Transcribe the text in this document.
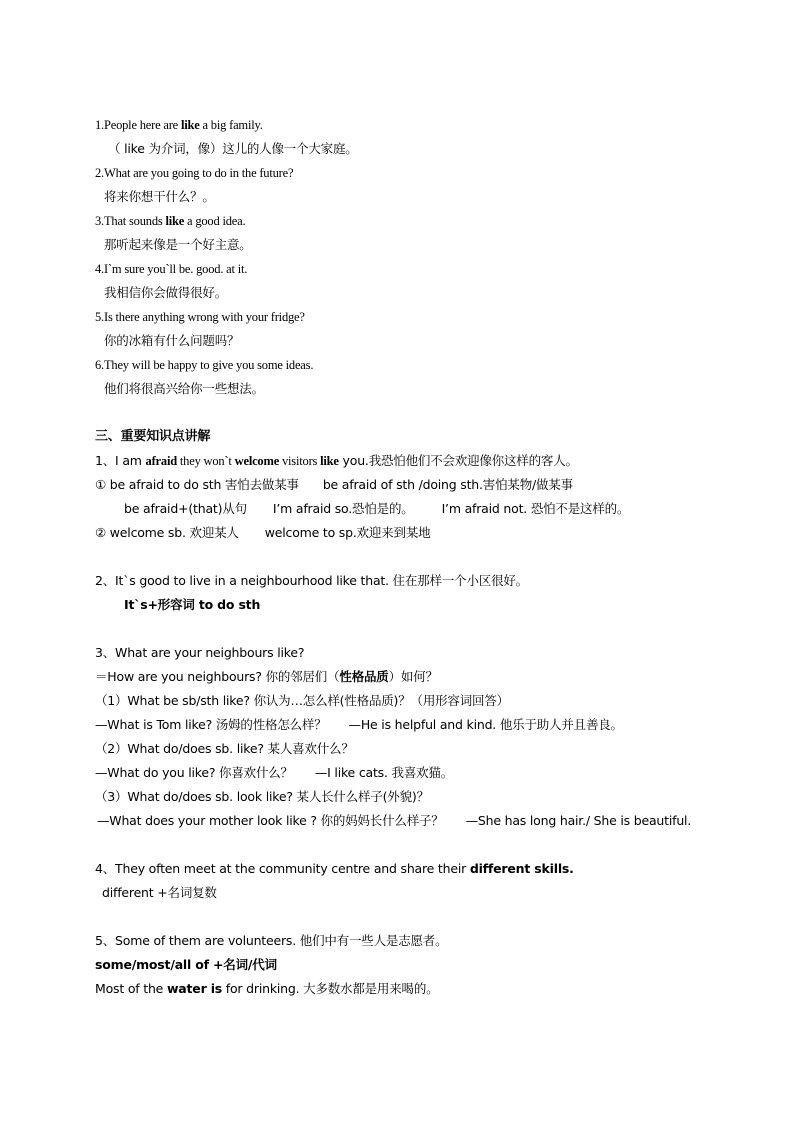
1.People here are like a big family.
（ like 为介词，像）这儿的人像一个大家庭。
2.What are you going to do in the future?
将来你想干什么？。
3.That sounds like a good idea.
那听起来像是一个好主意。
4.I`m sure you`ll be. good. at it.
我相信你会做得很好。
5.Is there anything wrong with your fridge?
你的冰箱有什么问题吗？
6.They will be happy to give you some ideas.
他们将很高兴给你一些想法。
三、重要知识点讲解
1、I am afraid they won`t welcome visitors like you.我恐怕他们不会欢迎像你这样的客人。
① be afraid to do sth 害怕去做某事 be afraid of sth /doing sth.害怕某物/做某事
be afraid+(that)从句 I’m afraid so.恐怕是的。 I’m afraid not. 恐怕不是这样的。
② welcome sb. 欢迎某人 welcome to sp.欢迎来到某地
2、It`s good to live in a neighbourhood like that. 住在那样一个小区很好。
It`s+形容词 to do sth
3、What are your neighbours like?
＝How are you neighbours? 你的邻居们（性格品质）如何？
（1）What be sb/sth like? 你认为…怎么样(性格品质)？（用形容词回答）
—What is Tom like? 汤姆的性格怎么样？ —He is helpful and kind. 他乐于助人并且善良。
（2）What do/does sb. like? 某人喜欢什么？
—What do you like? 你喜欢什么？ —I like cats. 我喜欢猫。
（3）What do/does sb. look like? 某人长什么样子(外貌)？
—What does your mother look like ? 你的妈妈长什么样子？ —She has long hair./ She is beautiful.
4、They often meet at the community centre and share their different skills.
different +名词复数
5、Some of them are volunteers. 他们中有一些人是志愿者。
some/most/all of +名词/代词
Most of the water is for drinking. 大多数水都是用来喝的。
